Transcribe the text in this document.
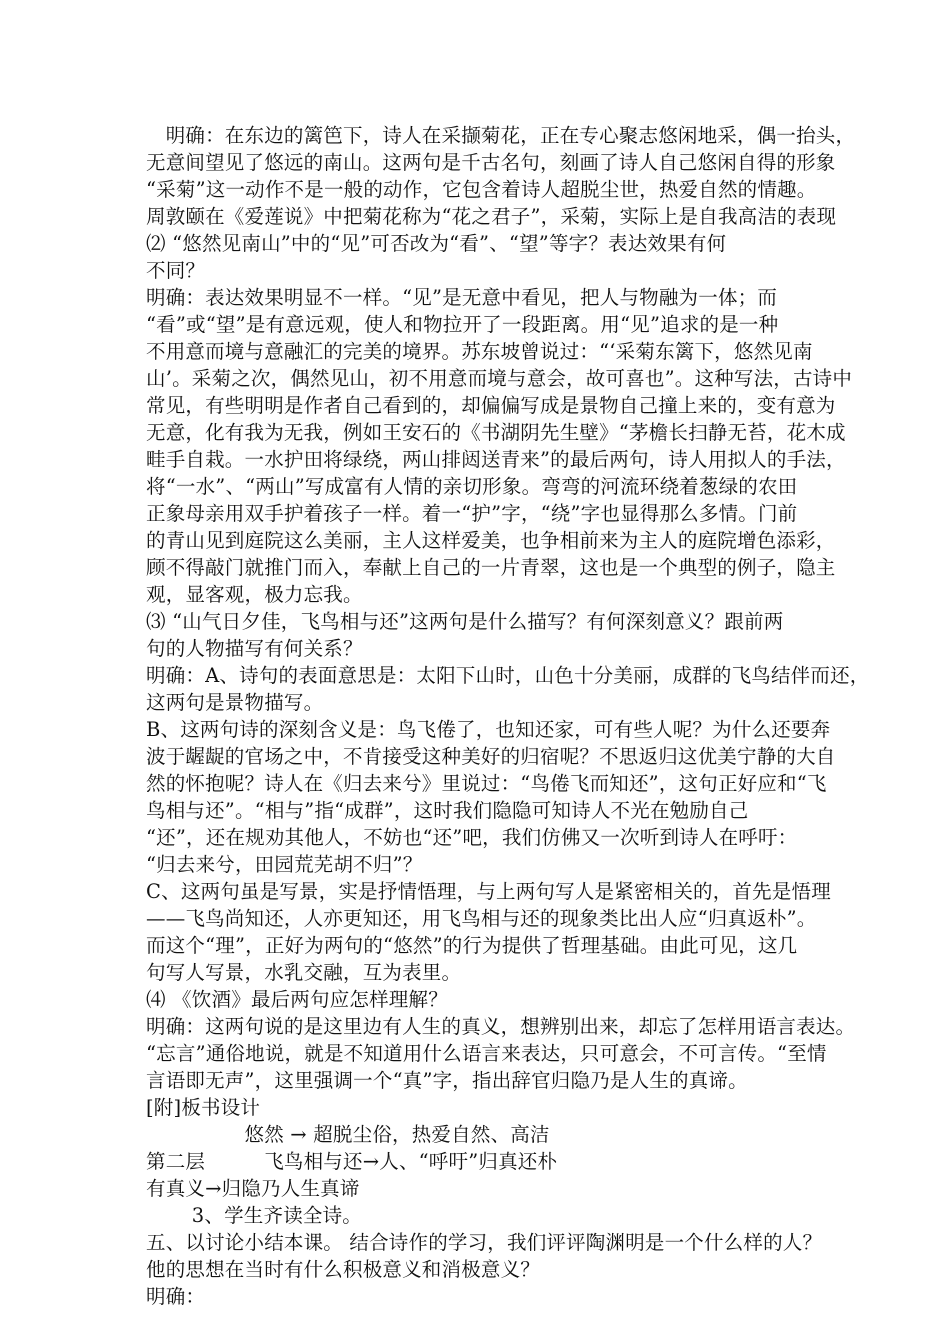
　明确：在东边的篱笆下，诗人在采撷菊花，正在专心聚志悠闲地采，偶一抬头，
无意间望见了悠远的南山。这两句是千古名句，刻画了诗人自己悠闲自得的形象
“采菊”这一动作不是一般的动作，它包含着诗人超脱尘世，热爱自然的情趣。
周敦颐在《爱莲说》中把菊花称为“花之君子”，采菊，实际上是自我高洁的表现
⑵ “悠然见南山”中的“见”可否改为“看”、“望”等字？表达效果有何
不同？
明确：表达效果明显不一样。“见”是无意中看见，把人与物融为一体；而
“看”或“望”是有意远观，使人和物拉开了一段距离。用“见”追求的是一种
不用意而境与意融汇的完美的境界。苏东坡曾说过：“‘采菊东篱下，悠然见南
山’。采菊之次，偶然见山，初不用意而境与意会，故可喜也”。这种写法，古诗中
常见，有些明明是作者自己看到的，却偏偏写成是景物自己撞上来的，变有意为
无意，化有我为无我，例如王安石的《书湖阴先生壁》“茅檐长扫静无苔，花木成
畦手自栽。一水护田将绿绕，两山排闼送青来”的最后两句，诗人用拟人的手法，
将“一水”、“两山”写成富有人情的亲切形象。弯弯的河流环绕着葱绿的农田
正象母亲用双手护着孩子一样。着一“护”字，“绕”字也显得那么多情。门前
的青山见到庭院这么美丽，主人这样爱美，也争相前来为主人的庭院增色添彩，
顾不得敲门就推门而入，奉献上自己的一片青翠，这也是一个典型的例子，隐主
观，显客观，极力忘我。
⑶ “山气日夕佳，飞鸟相与还”这两句是什么描写？有何深刻意义？跟前两
句的人物描写有何关系？
明确：A、诗句的表面意思是：太阳下山时，山色十分美丽，成群的飞鸟结伴而还，
这两句是景物描写。
B、这两句诗的深刻含义是：鸟飞倦了，也知还家，可有些人呢？为什么还要奔
波于龌龊的官场之中，不肯接受这种美好的归宿呢？不思返归这优美宁静的大自
然的怀抱呢？诗人在《归去来兮》里说过：“鸟倦飞而知还”，这句正好应和“飞
鸟相与还”。“相与”指“成群”，这时我们隐隐可知诗人不光在勉励自己
“还”，还在规劝其他人，不妨也“还”吧，我们仿佛又一次听到诗人在呼吁：
“归去来兮，田园荒芜胡不归”？
C、这两句虽是写景，实是抒情悟理，与上两句写人是紧密相关的，首先是悟理
——飞鸟尚知还，人亦更知还，用飞鸟相与还的现象类比出人应“归真返朴”。
而这个“理”，正好为两句的“悠然”的行为提供了哲理基础。由此可见，这几
句写人写景，水乳交融，互为表里。
⑷ 《饮酒》最后两句应怎样理解？
明确：这两句说的是这里边有人生的真义，想辨别出来，却忘了怎样用语言表达。
“忘言”通俗地说，就是不知道用什么语言来表达，只可意会，不可言传。“至情
言语即无声”，这里强调一个“真”字，指出辞官归隐乃是人生的真谛。
[附]板书设计
　　　　　悠然 → 超脱尘俗，热爱自然、高洁
第二层　　　飞鸟相与还→人、“呼吁”归真还朴
有真义→归隐乃人生真谛
　　 3、学生齐读全诗。
五、以讨论小结本课。 结合诗作的学习，我们评评陶渊明是一个什么样的人？
他的思想在当时有什么积极意义和消极意义？
明确：
